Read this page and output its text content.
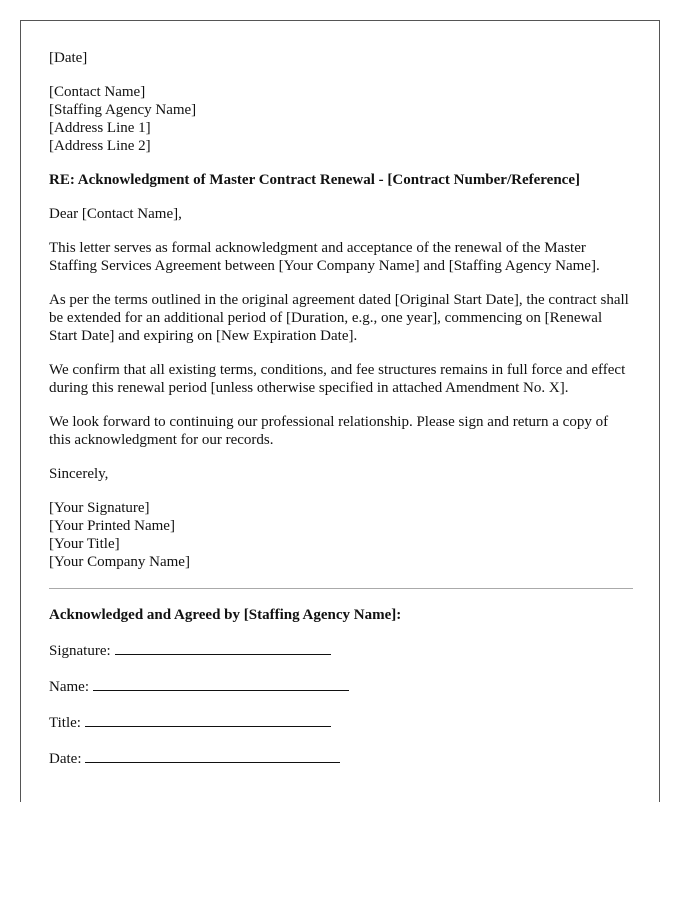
[Date]
[Contact Name]
[Staffing Agency Name]
[Address Line 1]
[Address Line 2]

RE: Acknowledgment of Master Contract Renewal - [Contract Number/Reference]

Dear [Contact Name],

This letter serves as formal acknowledgment and acceptance of the renewal of the Master Staffing Services Agreement between [Your Company Name] and [Staffing Agency Name].

As per the terms outlined in the original agreement dated [Original Start Date], the contract shall be extended for an additional period of [Duration, e.g., one year], commencing on [Renewal Start Date] and expiring on [New Expiration Date].

We confirm that all existing terms, conditions, and fee structures remains in full force and effect during this renewal period [unless otherwise specified in attached Amendment No. X].

We look forward to continuing our professional relationship. Please sign and return a copy of this acknowledgment for our records.

Sincerely,

[Your Signature]
[Your Printed Name]
[Your Title]
[Your Company Name]

Acknowledged and Agreed by [Staffing Agency Name]:

Signature:
Name:
Title:
Date:
